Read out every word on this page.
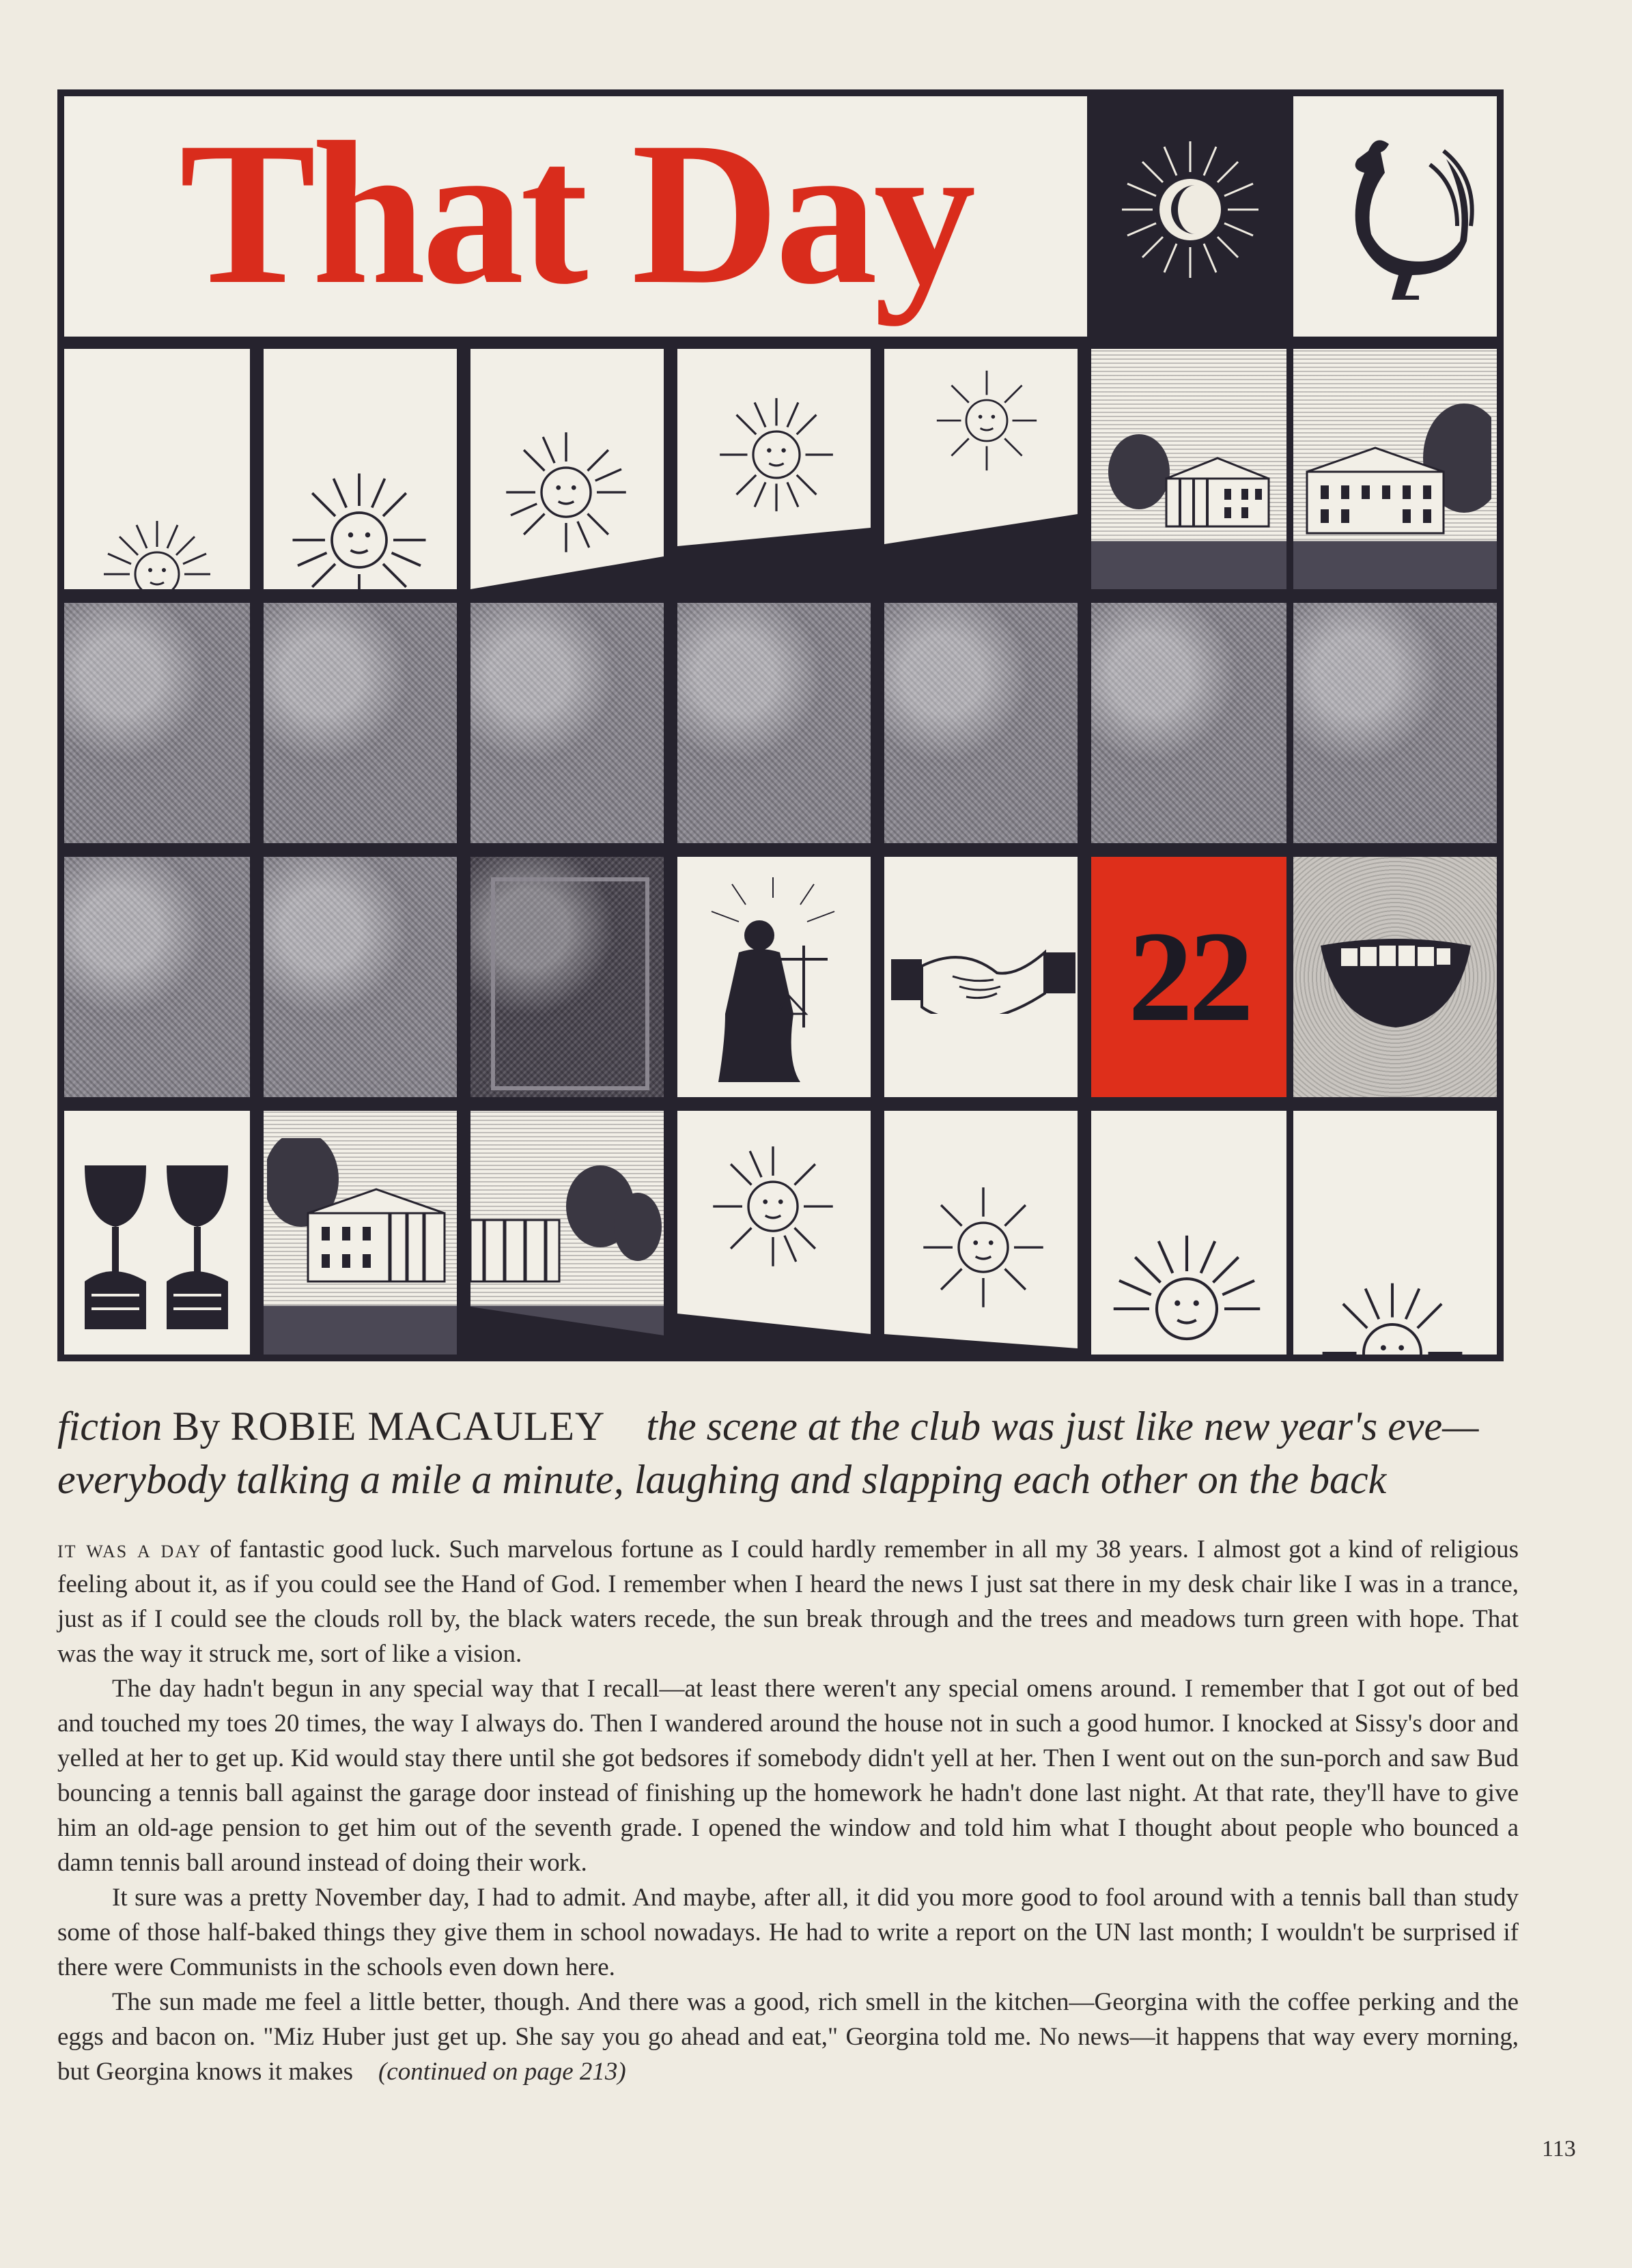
That Day
22
fiction By ROBIE MACAULEY the scene at the club was just like new year's eve—everybody talking a mile a minute, laughing and slapping each other on the back

it was a day of fantastic good luck. Such marvelous fortune as I could hardly remember in all my 38 years. I almost got a kind of religious feeling about it, as if you could see the Hand of God. I remember when I heard the news I just sat there in my desk chair like I was in a trance, just as if I could see the clouds roll by, the black waters recede, the sun break through and the trees and meadows turn green with hope. That was the way it struck me, sort of like a vision.

The day hadn't begun in any special way that I recall—at least there weren't any special omens around. I remember that I got out of bed and touched my toes 20 times, the way I always do. Then I wandered around the house not in such a good humor. I knocked at Sissy's door and yelled at her to get up. Kid would stay there until she got bedsores if somebody didn't yell at her. Then I went out on the sun-porch and saw Bud bouncing a tennis ball against the garage door instead of finishing up the homework he hadn't done last night. At that rate, they'll have to give him an old-age pension to get him out of the seventh grade. I opened the window and told him what I thought about people who bounced a damn tennis ball around instead of doing their work.

It sure was a pretty November day, I had to admit. And maybe, after all, it did you more good to fool around with a tennis ball than study some of those half-baked things they give them in school nowadays. He had to write a report on the UN last month; I wouldn't be surprised if there were Communists in the schools even down here.

The sun made me feel a little better, though. And there was a good, rich smell in the kitchen—Georgina with the coffee perking and the eggs and bacon on. "Miz Huber just get up. She say you go ahead and eat," Georgina told me. No news—it happens that way every morning, but Georgina knows it makes (continued on page 213)

113
